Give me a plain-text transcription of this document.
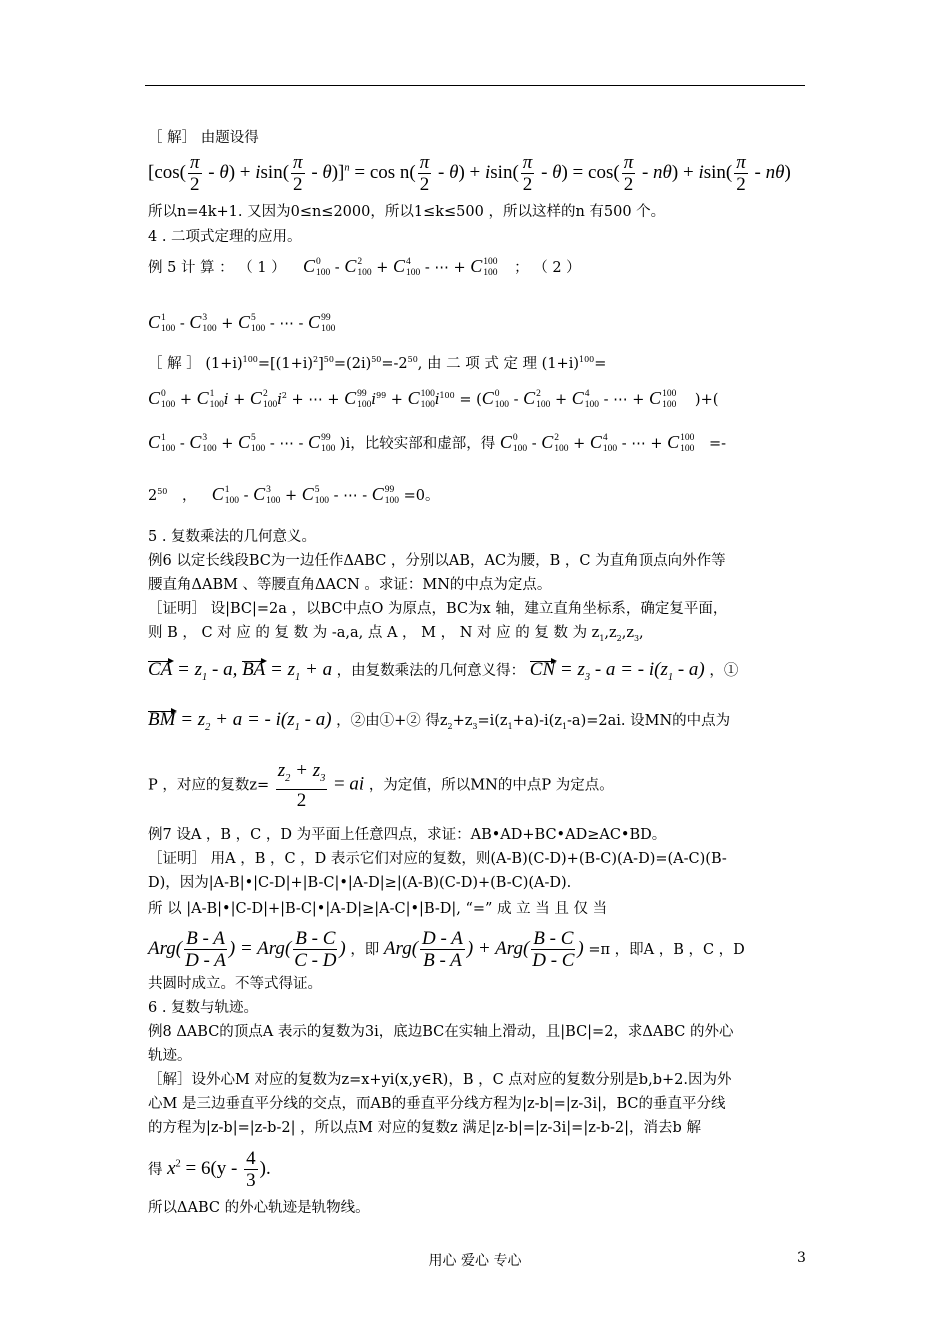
［ 解］ 由题设得
$[\cos( \frac{\pi}{2} - \theta) + isin( \frac{\pi}{2} - \theta)]^n = \cos n( \frac{\pi}{2} - \theta) + isin( \frac{\pi}{2} - \theta) = \cos( \frac{\pi}{2} - n\theta) + isin( \frac{\pi}{2} - n\theta)$
所以n=4k+1. 又因为0≤n≤2000，所以1≤k≤500 ，所以这样的n 有500 个。
4 . 二项式定理的应用。
例 5 计 算 ： （ 1 ） C 0
100 - C 2
100 + C 4
100 - ⋯ + C 100
100 ； （ 2 ）
C 1
100 - C 3
100 + C 5
100 - ⋯ - C 99
100
［ 解 ］ $(1+i)^{100}=[(1+i)^2]^{50}=(2i)^{50}=-2^{50}$, 由 二 项 式 定 理 $(1+i)^{100}=$
C 0
100 + C 1
100 i + C 2
100 $i^2$ + ⋯ + C 99
100 $i^{99} + C$ 100
100 $i^{100} = (C$ 0
100 - C 2
100 + C 4
100 - ⋯ + C 100
100 )+(
C 1
100 - C 3
100 + C 5
100 - ⋯ - C 99
100 )i，比较实部和虚部，得 C 0
100 - C 2
100 + C 4
100 - ⋯ + C 100
100 =-
$2^{50}$ ， C 1
100 - C 3
100 + C 5
100 - ⋯ - C 99
100 =0。
5 . 复数乘法的几何意义。
例6 以定长线段BC为一边任作ΔABC ，分别以AB，AC为腰，B ，C 为直角顶点向外作等
腰直角ΔABM 、等腰直角ΔACN 。求证：MN的中点为定点。
［证明］ 设|BC|=2a ，以BC中点O 为原点，BC为x 轴，建立直角坐标系，确定复平面，
则 B ， C 对 应 的 复 数 为 -a,a, 点 A ， M ， N 对 应 的 复 数 为 $z_1,z_2,z_3$,
CA = $z_1$ - a, BA = $z_1 + a$ ，由复数乘法的几何意义得： CN = $z_3$ - a = - $i(z_1 - a)$ ，①
BM = $z_2 + a$ = - $i(z_1 - a)$ ，②由①+② 得$z_2+z_3=i(z_1+a)-i(z_1-a)=2ai$. 设MN的中点为
P ，对应的复数$z= \frac{z_2 + z_3}{2}$ = ai ，为定值，所以MN的中点P 为定点。
例7 设A ，B ，C ，D 为平面上任意四点，求证：AB•AD+BC•AD≥AC•BD。
［证明］ 用A ，B ，C ，D 表示它们对应的复数，则(A-B)(C-D)+(B-C)(A-D)=(A-C)(B-
D)，因为|A-B|•|C-D|+|B-C|•|A-D|≥|(A-B)(C-D)+(B-C)(A-D).
所 以 |A-B|•|C-D|+|B-C|•|A-D|≥|A-C|•|B-D|, “=” 成 立 当 且 仅 当
$Arg( \frac{B - A}{D - A}$ ) = $Arg( \frac{B - C}{C - D}$ ) ，即 $Arg( \frac{D - A}{B - A}$ ) + $Arg( \frac{B - C}{D - C}$ ) =π ，即A ，B ，C ，D
共圆时成立。不等式得证。
6 . 复数与轨迹。
例8 ΔABC的顶点A 表示的复数为3i，底边BC在实轴上滑动，且|BC|=2，求ΔABC 的外心
轨迹。
［解］设外心M 对应的复数为z=x+yi(x,y∈R)，B ，C 点对应的复数分别是b,b+2.因为外
心M 是三边垂直平分线的交点，而AB的垂直平分线方程为|z-b|=|z-3i|，BC的垂直平分线
的方程为|z-b|=|z-b-2| ，所以点M 对应的复数z 满足|z-b|=|z-3i|=|z-b-2|，消去b 解
得 $x^2 = 6(y - \frac{4}{3}$ ).
所以ΔABC 的外心轨迹是轨物线。
用心 爱心 专心	3
